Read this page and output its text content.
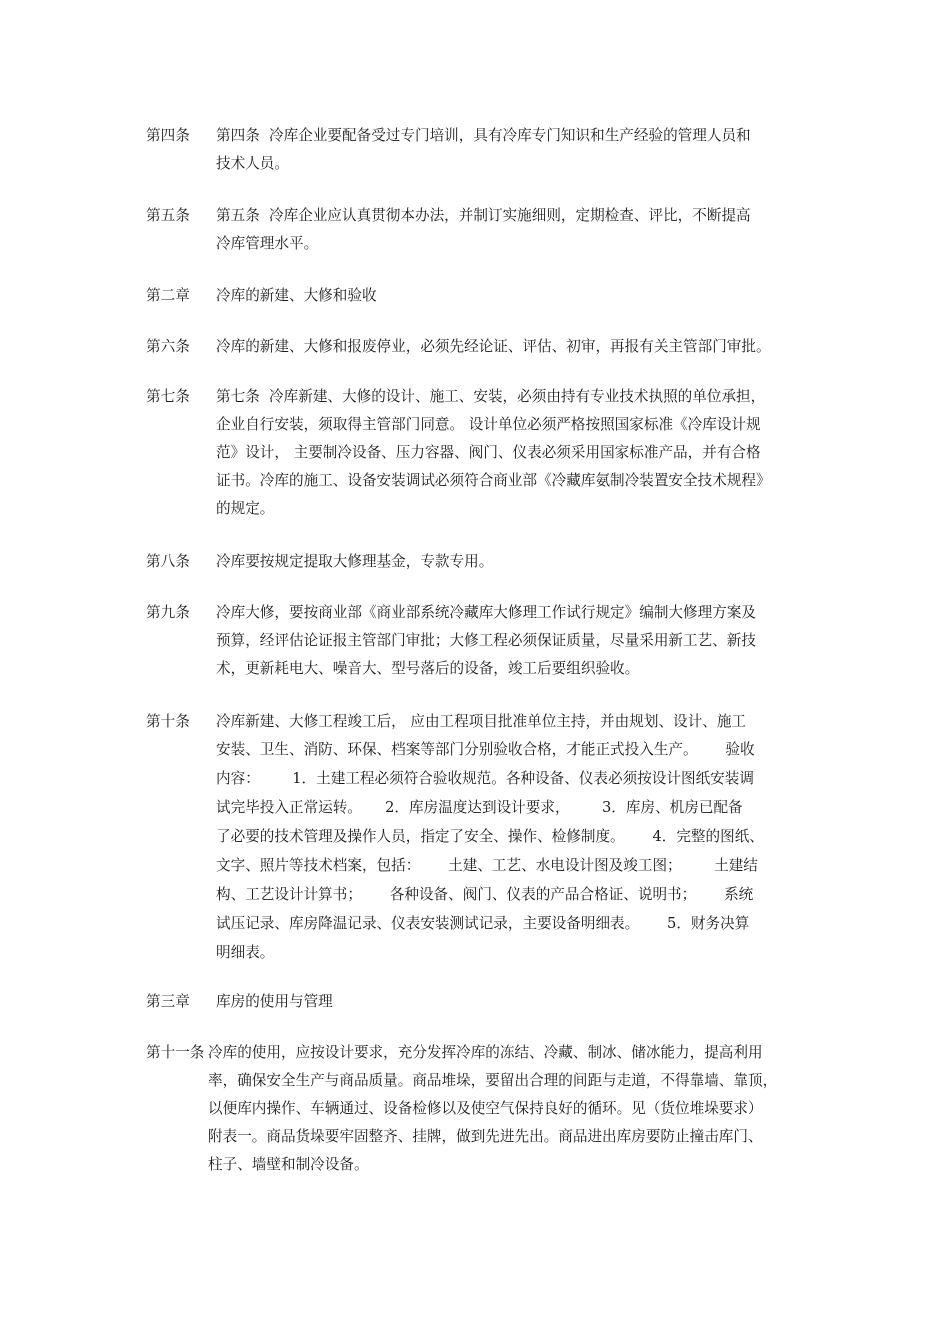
第四条 第四条  冷库企业要配备受过专门培训，具有冷库专门知识和生产经验的管理人员和
技术人员。
第五条 第五条  冷库企业应认真贯彻本办法，并制订实施细则，定期检查、评比，不断提高
冷库管理水平。
第二章 冷库的新建、大修和验收
第六条 冷库的新建、大修和报废停业，必须先经论证、评估、初审，再报有关主管部门审批。
第七条 第七条  冷库新建、大修的设计、施工、安装，必须由持有专业技术执照的单位承担，
企业自行安装，须取得主管部门同意。 设计单位必须严格按照国家标准《冷库设计规
范》设计， 主要制冷设备、压力容器、阀门、仪表必须采用国家标准产品，并有合格
证书。冷库的施工、设备安装调试必须符合商业部《冷藏库氨制冷装置安全技术规程》
的规定。
第八条 冷库要按规定提取大修理基金，专款专用。
第九条 冷库大修，要按商业部《商业部系统冷藏库大修理工作试行规定》编制大修理方案及
预算，经评估论证报主管部门审批；大修工程必须保证质量，尽量采用新工艺、新技
术，更新耗电大、噪音大、型号落后的设备，竣工后要组织验收。
第十条 冷库新建、大修工程竣工后， 应由工程项目批准单位主持，并由规划、设计、施工
安装、卫生、消防、环保、档案等部门分别验收合格，才能正式投入生产。      验收
内容：       1．土建工程必须符合验收规范。各种设备、仪表必须按设计图纸安装调
试完毕投入正常运转。     2．库房温度达到设计要求，       3．库房、机房已配备
了必要的技术管理及操作人员，指定了安全、操作、检修制度。      4．完整的图纸、
文字、照片等技术档案，包括：      土建、工艺、水电设计图及竣工图；       土建结
构、工艺设计计算书；      各种设备、阀门、仪表的产品合格证、说明书；      系统
试压记录、库房降温记录、仪表安装测试记录，主要设备明细表。      5．财务决算
明细表。
第三章 库房的使用与管理
第十一条 冷库的使用，应按设计要求，充分发挥冷库的冻结、冷藏、制冰、储冰能力，提高利用
率，确保安全生产与商品质量。商品堆垛，要留出合理的间距与走道，不得靠墙、靠顶，
以便库内操作、车辆通过、设备检修以及使空气保持良好的循环。见（货位堆垛要求）
附表一。商品货垛要牢固整齐、挂牌，做到先进先出。商品进出库房要防止撞击库门、
柱子、墙壁和制冷设备。
